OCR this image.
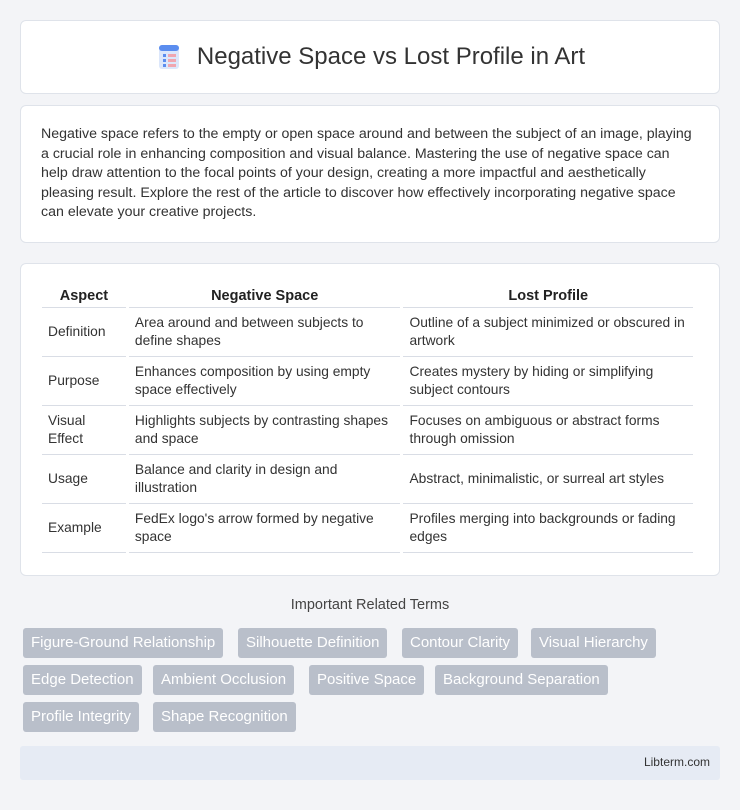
Negative Space vs Lost Profile in Art

Negative space refers to the empty or open space around and between the subject of an image, playing a crucial role in enhancing composition and visual balance. Mastering the use of negative space can help draw attention to the focal points of your design, creating a more impactful and aesthetically pleasing result. Explore the rest of the article to discover how effectively incorporating negative space can elevate your creative projects.

Aspect	Negative Space	Lost Profile
Definition	Area around and between subjects to define shapes	Outline of a subject minimized or obscured in artwork
Purpose	Enhances composition by using empty space effectively	Creates mystery by hiding or simplifying subject contours
Visual Effect	Highlights subjects by contrasting shapes and space	Focuses on ambiguous or abstract forms through omission
Usage	Balance and clarity in design and illustration	Abstract, minimalistic, or surreal art styles
Example	FedEx logo's arrow formed by negative space	Profiles merging into backgrounds or fading edges
Important Related Terms
Figure-Ground Relationship	Silhouette Definition	Contour Clarity	Visual Hierarchy
Edge Detection	Ambient Occlusion	Positive Space	Background Separation
Profile Integrity	Shape Recognition
Libterm.com
